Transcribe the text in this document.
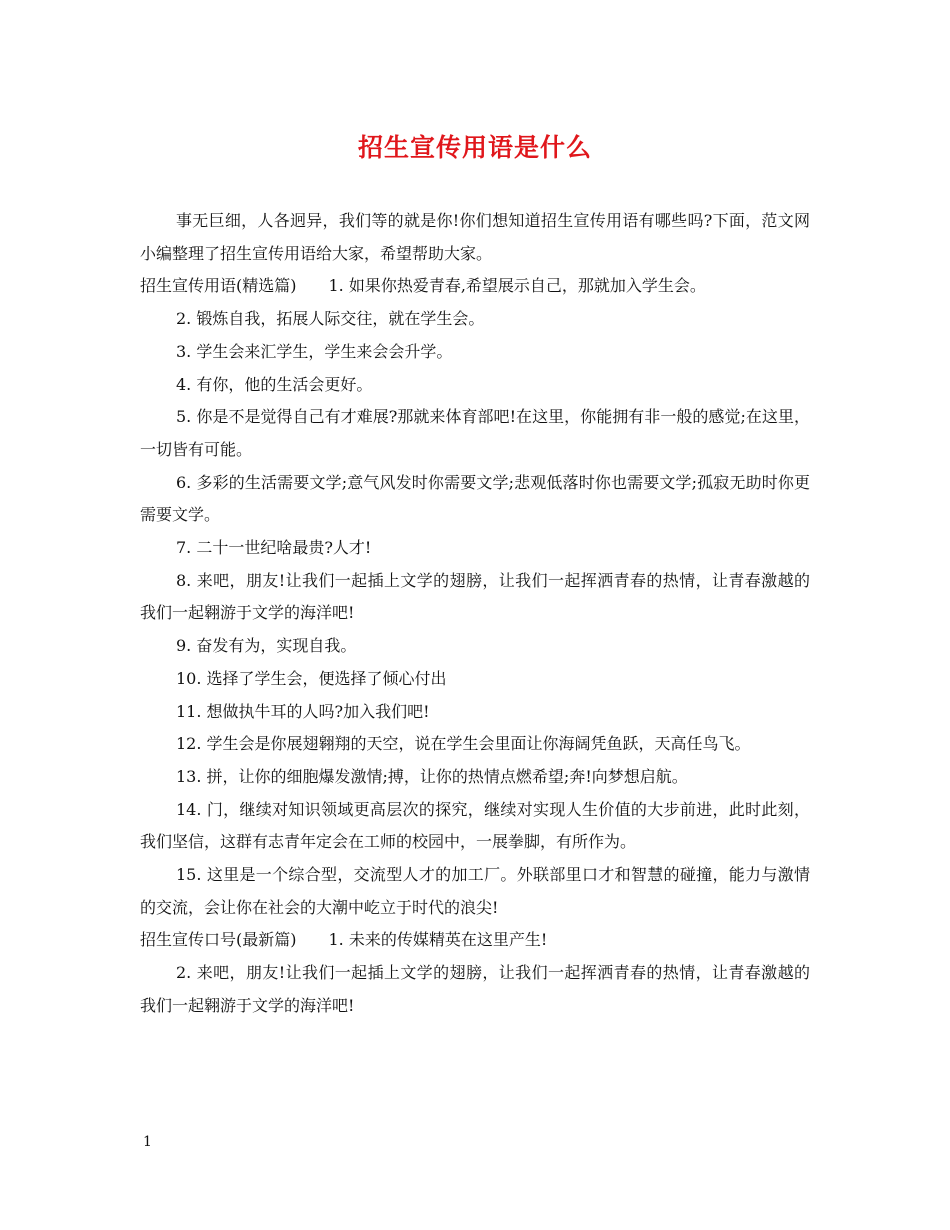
招生宣传用语是什么

事无巨细，人各迥异，我们等的就是你!你们想知道招生宣传用语有哪些吗?下面，范文网小编整理了招生宣传用语给大家，希望帮助大家。

招生宣传用语(精选篇)　　1. 如果你热爱青春,希望展示自己，那就加入学生会。

2. 锻炼自我，拓展人际交往，就在学生会。

3. 学生会来汇学生，学生来会会升学。

4. 有你，他的生活会更好。

5. 你是不是觉得自己有才难展?那就来体育部吧!在这里，你能拥有非一般的感觉;在这里，一切皆有可能。

6. 多彩的生活需要文学;意气风发时你需要文学;悲观低落时你也需要文学;孤寂无助时你更需要文学。

7. 二十一世纪啥最贵?人才!

8. 来吧，朋友!让我们一起插上文学的翅膀，让我们一起挥洒青春的热情，让青春激越的我们一起翱游于文学的海洋吧!

9. 奋发有为，实现自我。

10. 选择了学生会，便选择了倾心付出

11. 想做执牛耳的人吗?加入我们吧!

12. 学生会是你展翅翱翔的天空，说在学生会里面让你海阔凭鱼跃，天高任鸟飞。

13. 拼，让你的细胞爆发激情;搏，让你的热情点燃希望;奔!向梦想启航。

14. 门，继续对知识领域更高层次的探究，继续对实现人生价值的大步前进，此时此刻，我们坚信，这群有志青年定会在工师的校园中，一展拳脚，有所作为。

15. 这里是一个综合型，交流型人才的加工厂。外联部里口才和智慧的碰撞，能力与激情的交流，会让你在社会的大潮中屹立于时代的浪尖!

招生宣传口号(最新篇)　　1. 未来的传媒精英在这里产生!

2. 来吧，朋友!让我们一起插上文学的翅膀，让我们一起挥洒青春的热情，让青春激越的我们一起翱游于文学的海洋吧!

1
